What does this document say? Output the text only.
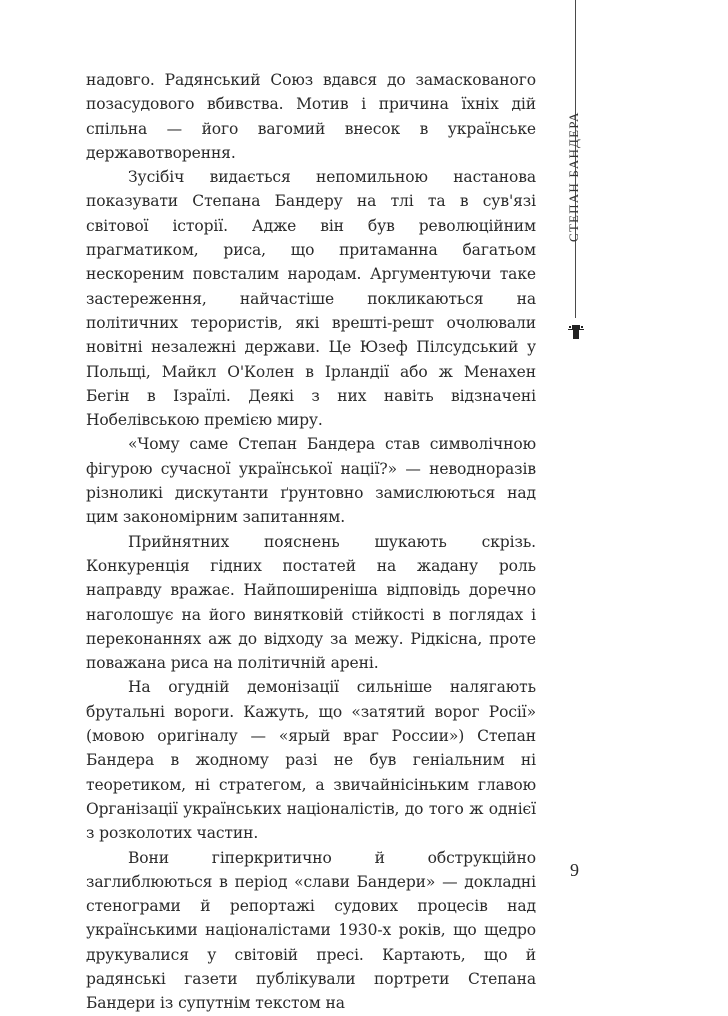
СТЕПАН БАНДЕРА

надовго. Радянський Союз вдався до замаскованого позасудового вбивства. Мотив і причина їхніх дій спільна — його вагомий внесок в українське державотворення.

Зусібіч видається непомильною настанова показувати Степана Бандеру на тлі та в сув'язі світової історії. Адже він був революційним прагматиком, риса, що притаманна багатьом нескореним повсталим народам. Аргументуючи таке застереження, найчастіше покликаються на політичних терористів, які врешті-решт очолювали новітні незалежні держави. Це Юзеф Пілсудський у Польщі, Майкл О'Колен в Ірландії або ж Менахен Бегін в Ізраїлі. Деякі з них навіть відзначені Нобелівською премією миру.

«Чому саме Степан Бандера став символічною фігурою сучасної української нації?» — неводноразів різноликі дискутанти ґрунтовно замислюються над цим закономірним запитанням.

Прийнятних пояснень шукають скрізь. Конкуренція гідних постатей на жадану роль направду вражає. Найпоширеніша відповідь доречно наголошує на його винятковій стійкості в поглядах і переконаннях аж до відходу за межу. Рідкісна, проте поважана риса на політичній арені.

На огудній демонізації сильніше налягають брутальні вороги. Кажуть, що «затятий ворог Росії» (мовою оригіналу — «ярый враг России») Степан Бандера в жодному разі не був геніальним ні теоретиком, ні стратегом, а звичайнісіньким главою Організації українських націоналістів, до того ж однієї з розколотих частин.

Вони гіперкритично й обструкційно заглиблюються в період «слави Бандери» — докладні стенограми й репортажі судових процесів над українськими націоналістами 1930-х років, що щедро друкувалися у світовій пресі. Картають, що й радянські газети публікували портрети Степана Бандери із супутнім текстом на

9
